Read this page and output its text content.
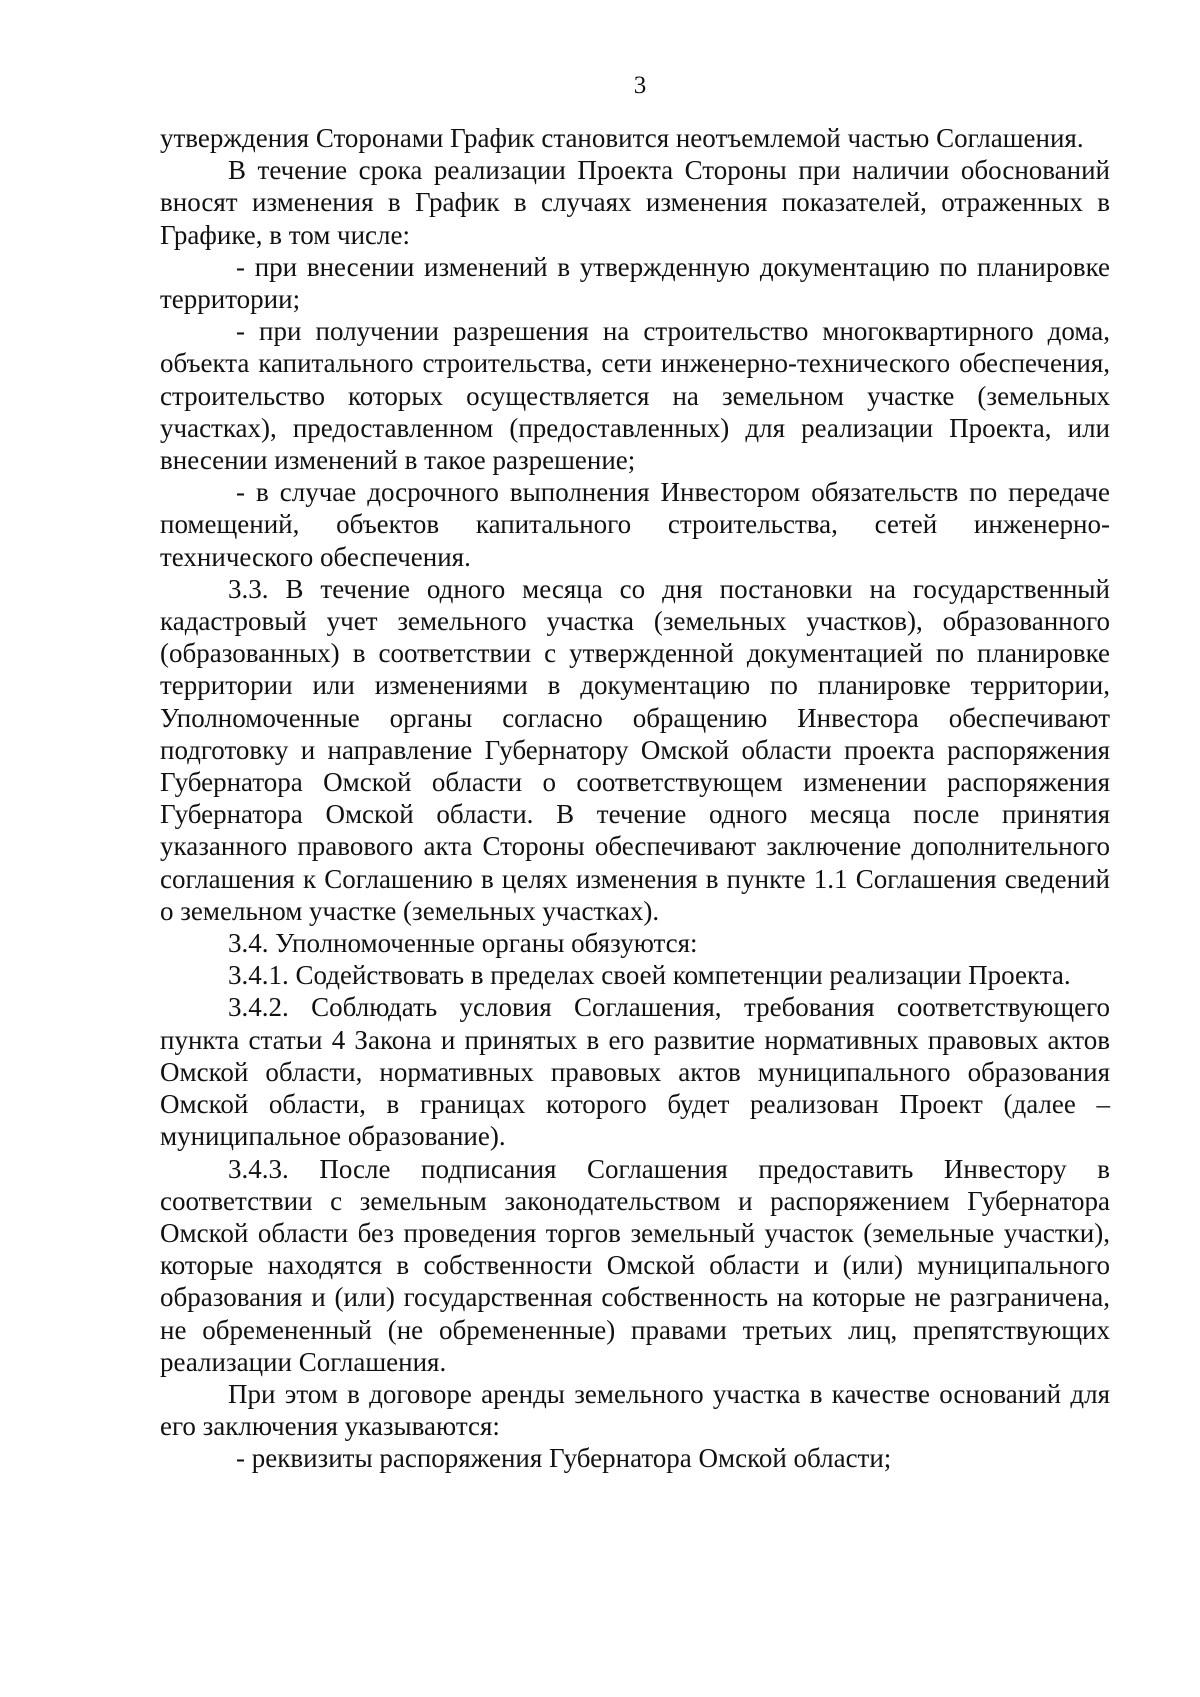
3

утверждения Сторонами График становится неотъемлемой частью Соглашения.

В течение срока реализации Проекта Стороны при наличии обоснований вносят изменения в График в случаях изменения показателей, отраженных в Графике, в том числе:

- при внесении изменений в утвержденную документацию по планировке территории;

- при получении разрешения на строительство многоквартирного дома, объекта капитального строительства, сети инженерно-технического обеспечения, строительство которых осуществляется на земельном участке (земельных участках), предоставленном (предоставленных) для реализации Проекта, или внесении изменений в такое разрешение;

- в случае досрочного выполнения Инвестором обязательств по передаче помещений, объектов капитального строительства, сетей инженерно-технического обеспечения.

3.3. В течение одного месяца со дня постановки на государственный кадастровый учет земельного участка (земельных участков), образованного (образованных) в соответствии с утвержденной документацией по планировке территории или изменениями в документацию по планировке территории, Уполномоченные органы согласно обращению Инвестора обеспечивают подготовку и направление Губернатору Омской области проекта распоряжения Губернатора Омской области о соответствующем изменении распоряжения Губернатора Омской области. В течение одного месяца после принятия указанного правового акта Стороны обеспечивают заключение дополнительного соглашения к Соглашению в целях изменения в пункте 1.1 Соглашения сведений о земельном участке (земельных участках).

3.4. Уполномоченные органы обязуются:

3.4.1. Содействовать в пределах своей компетенции реализации Проекта.

3.4.2. Соблюдать условия Соглашения, требования соответствующего пункта статьи 4 Закона и принятых в его развитие нормативных правовых актов Омской области, нормативных правовых актов муниципального образования Омской области, в границах которого будет реализован Проект (далее – муниципальное образование).

3.4.3. После подписания Соглашения предоставить Инвестору в соответствии с земельным законодательством и распоряжением Губернатора Омской области без проведения торгов земельный участок (земельные участки), которые находятся в собственности Омской области и (или) муниципального образования и (или) государственная собственность на которые не разграничена, не обремененный (не обремененные) правами третьих лиц, препятствующих реализации Соглашения.

При этом в договоре аренды земельного участка в качестве оснований для его заключения указываются:

- реквизиты распоряжения Губернатора Омской области;
